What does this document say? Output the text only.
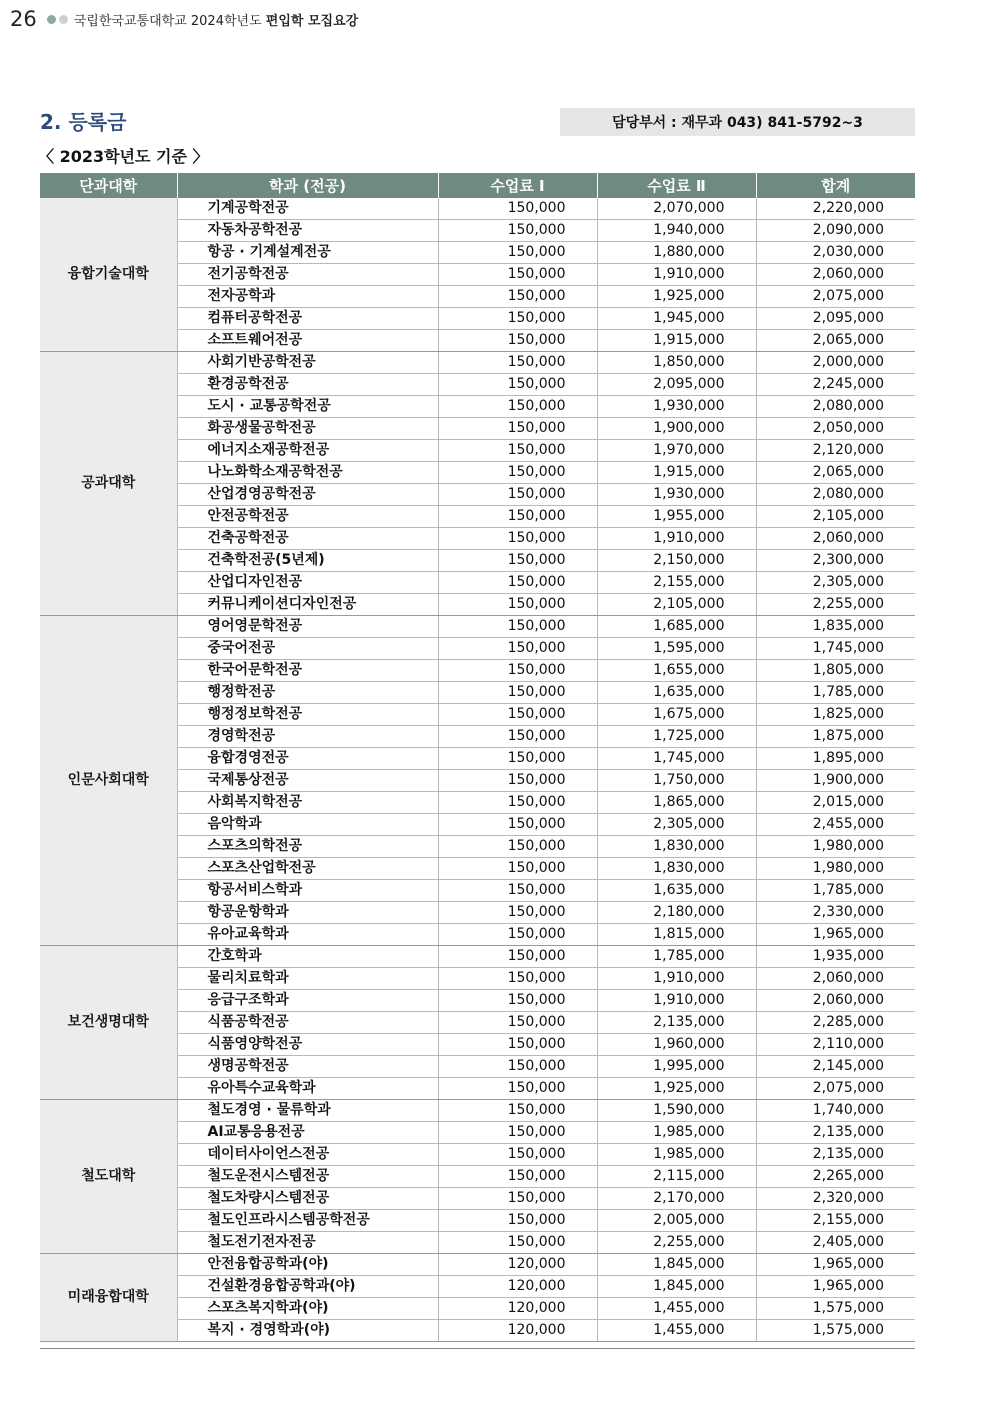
26	국립한국교통대학교 2024학년도 편입학 모집요강
2. 등록금	담당부서 : 재무과 043) 841-5792~3
〈 2023학년도 기준 〉
단과대학	학과 (전공)	수업료 Ⅰ	수업료 Ⅱ	합계
융합기술대학	기계공학전공	150,000	2,070,000	2,220,000
	자동차공학전공	150,000	1,940,000	2,090,000
	항공 · 기계설계전공	150,000	1,880,000	2,030,000
	전기공학전공	150,000	1,910,000	2,060,000
	전자공학과	150,000	1,925,000	2,075,000
	컴퓨터공학전공	150,000	1,945,000	2,095,000
	소프트웨어전공	150,000	1,915,000	2,065,000
공과대학	사회기반공학전공	150,000	1,850,000	2,000,000
	환경공학전공	150,000	2,095,000	2,245,000
	도시 · 교통공학전공	150,000	1,930,000	2,080,000
	화공생물공학전공	150,000	1,900,000	2,050,000
	에너지소재공학전공	150,000	1,970,000	2,120,000
	나노화학소재공학전공	150,000	1,915,000	2,065,000
	산업경영공학전공	150,000	1,930,000	2,080,000
	안전공학전공	150,000	1,955,000	2,105,000
	건축공학전공	150,000	1,910,000	2,060,000
	건축학전공(5년제)	150,000	2,150,000	2,300,000
	산업디자인전공	150,000	2,155,000	2,305,000
	커뮤니케이션디자인전공	150,000	2,105,000	2,255,000
인문사회대학	영어영문학전공	150,000	1,685,000	1,835,000
	중국어전공	150,000	1,595,000	1,745,000
	한국어문학전공	150,000	1,655,000	1,805,000
	행정학전공	150,000	1,635,000	1,785,000
	행정정보학전공	150,000	1,675,000	1,825,000
	경영학전공	150,000	1,725,000	1,875,000
	융합경영전공	150,000	1,745,000	1,895,000
	국제통상전공	150,000	1,750,000	1,900,000
	사회복지학전공	150,000	1,865,000	2,015,000
	음악학과	150,000	2,305,000	2,455,000
	스포츠의학전공	150,000	1,830,000	1,980,000
	스포츠산업학전공	150,000	1,830,000	1,980,000
	항공서비스학과	150,000	1,635,000	1,785,000
	항공운항학과	150,000	2,180,000	2,330,000
	유아교육학과	150,000	1,815,000	1,965,000
보건생명대학	간호학과	150,000	1,785,000	1,935,000
	물리치료학과	150,000	1,910,000	2,060,000
	응급구조학과	150,000	1,910,000	2,060,000
	식품공학전공	150,000	2,135,000	2,285,000
	식품영양학전공	150,000	1,960,000	2,110,000
	생명공학전공	150,000	1,995,000	2,145,000
	유아특수교육학과	150,000	1,925,000	2,075,000
철도대학	철도경영 · 물류학과	150,000	1,590,000	1,740,000
	AI교통응용전공	150,000	1,985,000	2,135,000
	데이터사이언스전공	150,000	1,985,000	2,135,000
	철도운전시스템전공	150,000	2,115,000	2,265,000
	철도차량시스템전공	150,000	2,170,000	2,320,000
	철도인프라시스템공학전공	150,000	2,005,000	2,155,000
	철도전기전자전공	150,000	2,255,000	2,405,000
미래융합대학	안전융합공학과(야)	120,000	1,845,000	1,965,000
	건설환경융합공학과(야)	120,000	1,845,000	1,965,000
	스포츠복지학과(야)	120,000	1,455,000	1,575,000
	복지 · 경영학과(야)	120,000	1,455,000	1,575,000
